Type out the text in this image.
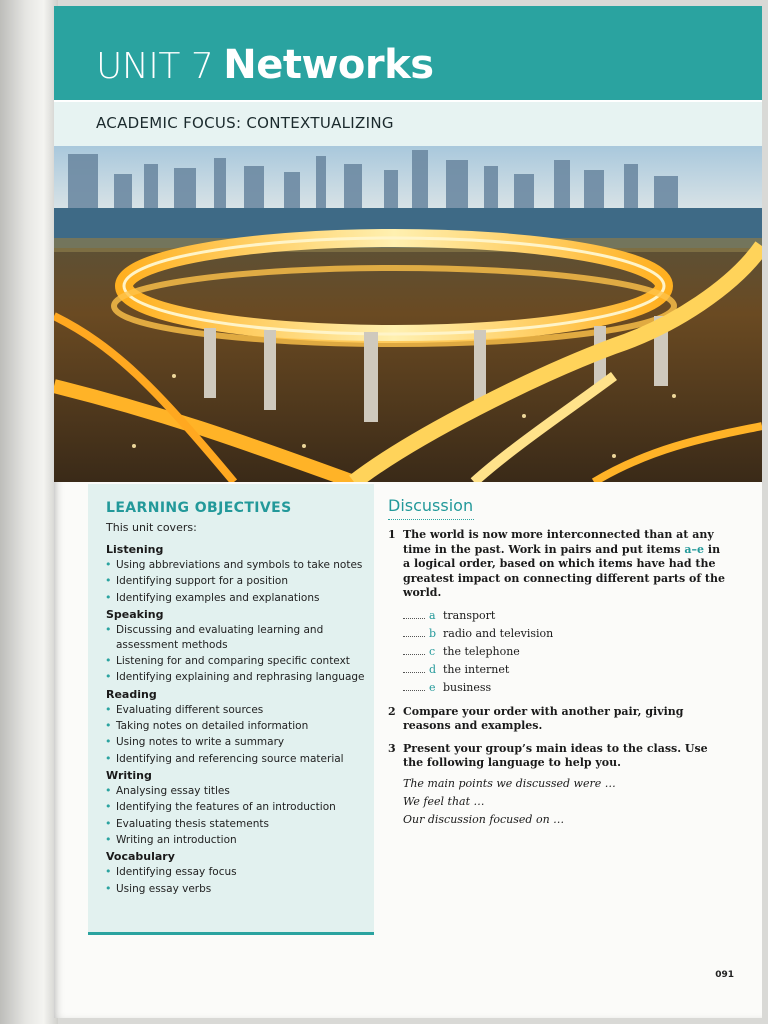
UNIT 7 Networks
ACADEMIC FOCUS: CONTEXTUALIZING
LEARNING OBJECTIVES
This unit covers:
Listening
• Using abbreviations and symbols to take notes
• Identifying support for a position
• Identifying examples and explanations
Speaking
• Discussing and evaluating learning and assessment methods
• Listening for and comparing specific context
• Identifying explaining and rephrasing language
Reading
• Evaluating different sources
• Taking notes on detailed information
• Using notes to write a summary
• Identifying and referencing source material
Writing
• Analysing essay titles
• Identifying the features of an introduction
• Evaluating thesis statements
• Writing an introduction
Vocabulary
• Identifying essay focus
• Using essay verbs
Discussion
1 The world is now more interconnected than at any time in the past. Work in pairs and put items a–e in a logical order, based on which items have had the greatest impact on connecting different parts of the world.
a transport
b radio and television
c the telephone
d the internet
e business
2 Compare your order with another pair, giving reasons and examples.
3 Present your group’s main ideas to the class. Use the following language to help you.
The main points we discussed were …
We feel that …
Our discussion focused on …
091
